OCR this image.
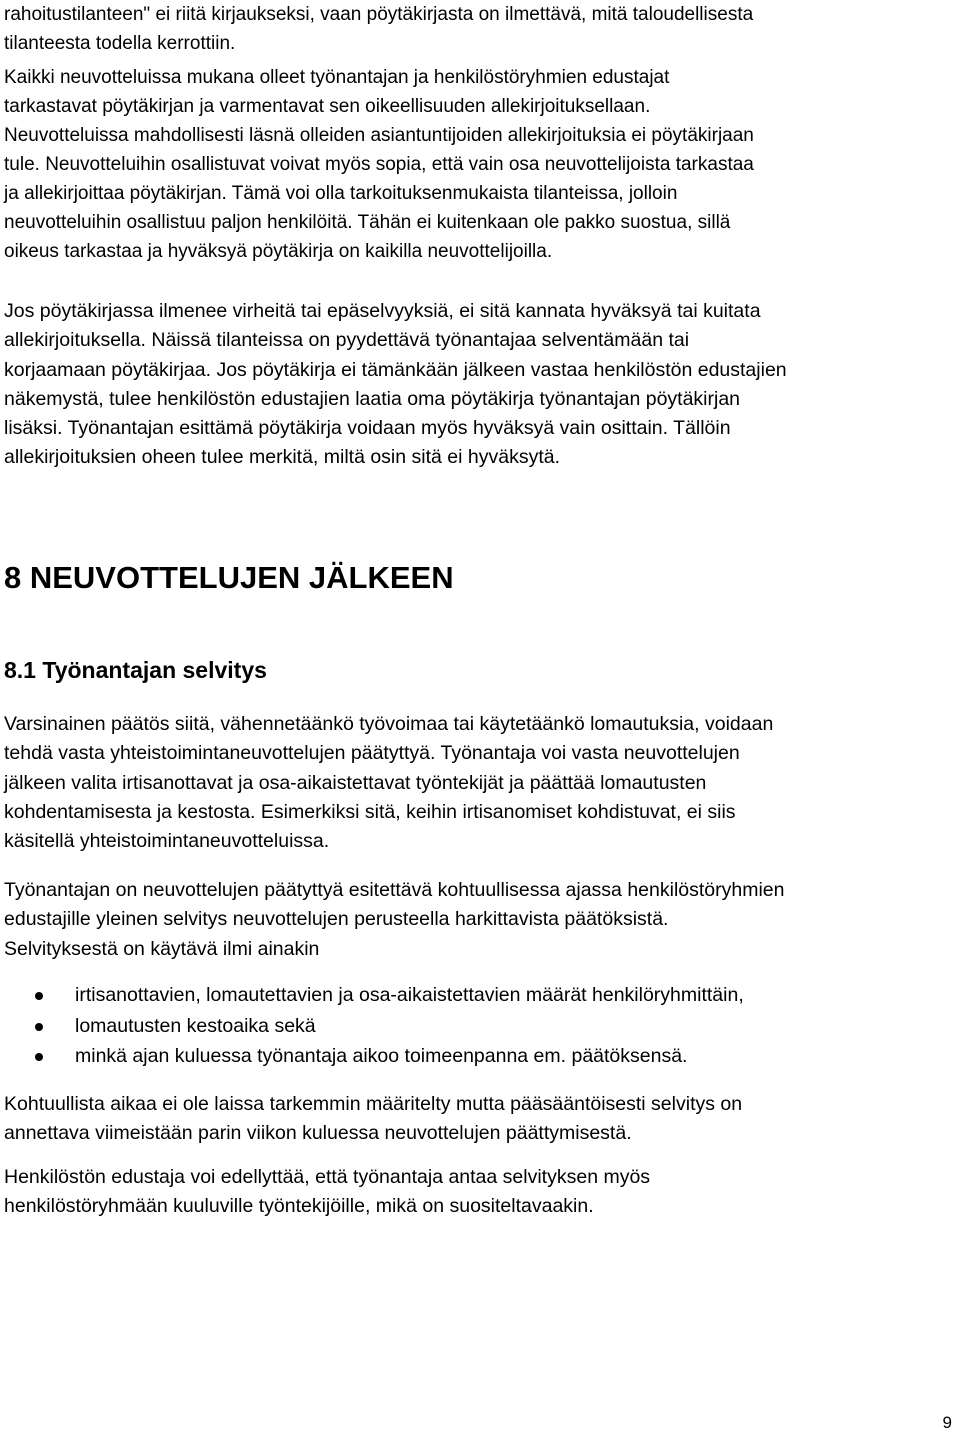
rahoitustilanteen" ei riitä kirjaukseksi, vaan pöytäkirjasta on ilmettävä, mitä taloudellisesta
tilanteesta todella kerrottiin.

Kaikki neuvotteluissa mukana olleet työnantajan ja henkilöstöryhmien edustajat
tarkastavat pöytäkirjan ja varmentavat sen oikeellisuuden allekirjoituksellaan.
Neuvotteluissa mahdollisesti läsnä olleiden asiantuntijoiden allekirjoituksia ei pöytäkirjaan
tule. Neuvotteluihin osallistuvat voivat myös sopia, että vain osa neuvottelijoista tarkastaa
ja allekirjoittaa pöytäkirjan. Tämä voi olla tarkoituksenmukaista tilanteissa, jolloin
neuvotteluihin osallistuu paljon henkilöitä. Tähän ei kuitenkaan ole pakko suostua, sillä
oikeus tarkastaa ja hyväksyä pöytäkirja on kaikilla neuvottelijoilla.

Jos pöytäkirjassa ilmenee virheitä tai epäselvyyksiä, ei sitä kannata hyväksyä tai kuitata
allekirjoituksella. Näissä tilanteissa on pyydettävä työnantajaa selventämään tai
korjaamaan pöytäkirjaa. Jos pöytäkirja ei tämänkään jälkeen vastaa henkilöstön edustajien
näkemystä, tulee henkilöstön edustajien laatia oma pöytäkirja työnantajan pöytäkirjan
lisäksi. Työnantajan esittämä pöytäkirja voidaan myös hyväksyä vain osittain. Tällöin
allekirjoituksien oheen tulee merkitä, miltä osin sitä ei hyväksytä.

8 NEUVOTTELUJEN JÄLKEEN
8.1 Työnantajan selvitys

Varsinainen päätös siitä, vähennetäänkö työvoimaa tai käytetäänkö lomautuksia, voidaan
tehdä vasta yhteistoimintaneuvottelujen päätyttyä. Työnantaja voi vasta neuvottelujen
jälkeen valita irtisanottavat ja osa-aikaistettavat työntekijät ja päättää lomautusten
kohdentamisesta ja kestosta. Esimerkiksi sitä, keihin irtisanomiset kohdistuvat, ei siis
käsitellä yhteistoimintaneuvotteluissa.

Työnantajan on neuvottelujen päätyttyä esitettävä kohtuullisessa ajassa henkilöstöryhmien
edustajille yleinen selvitys neuvottelujen perusteella harkittavista päätöksistä.
Selvityksestä on käytävä ilmi ainakin

irtisanottavien, lomautettavien ja osa-aikaistettavien määrät henkilöryhmittäin,
lomautusten kestoaika sekä
minkä ajan kuluessa työnantaja aikoo toimeenpanna em. päätöksensä.

Kohtuullista aikaa ei ole laissa tarkemmin määritelty mutta pääsääntöisesti selvitys on
annettava viimeistään parin viikon kuluessa neuvottelujen päättymisestä.

Henkilöstön edustaja voi edellyttää, että työnantaja antaa selvityksen myös
henkilöstöryhmään kuuluville työntekijöille, mikä on suositeltavaakin.

9
